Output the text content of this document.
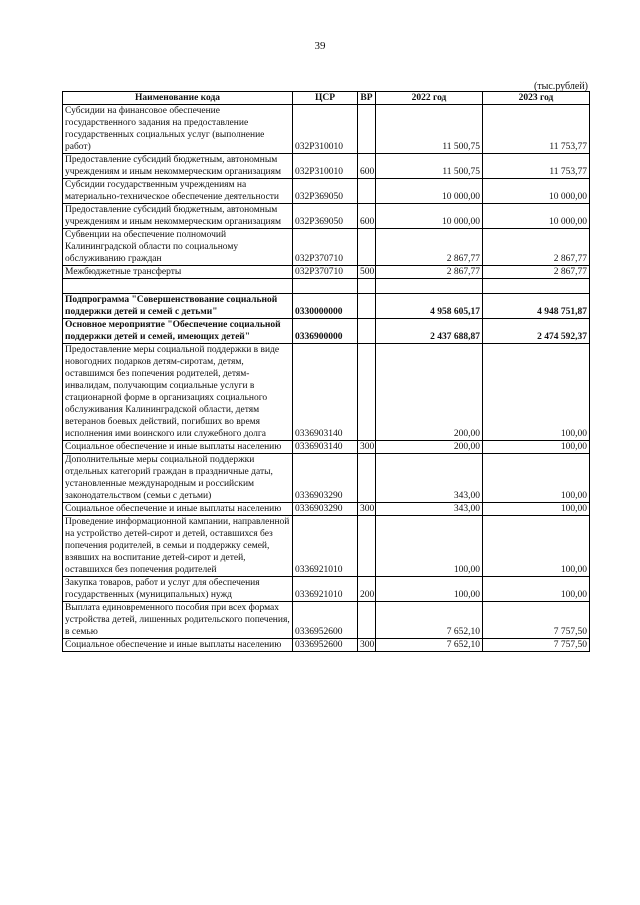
39
(тыс.рублей)
Наименование кода	ЦСР	ВР	2022 год	2023 год
Субсидии на финансовое обеспечение государственного задания на предоставление государственных социальных услуг (выполнение работ)	032Р310010		11 500,75	11 753,77
Предоставление субсидий бюджетным, автономным учреждениям и иным некоммерческим организациям	032Р310010	600	11 500,75	11 753,77
Субсидии государственным учреждениям на материально-техническое обеспечение деятельности	032Р369050		10 000,00	10 000,00
Предоставление субсидий бюджетным, автономным учреждениям и иным некоммерческим организациям	032Р369050	600	10 000,00	10 000,00
Субвенции на обеспечение полномочий Калининградской области по социальному обслуживанию граждан	032Р370710		2 867,77	2 867,77
Межбюджетные трансферты	032Р370710	500	2 867,77	2 867,77

Подпрограмма "Совершенствование социальной поддержки детей и семей с детьми"	0330000000		4 958 605,17	4 948 751,87
Основное мероприятие "Обеспечение социальной поддержки детей и семей, имеющих детей"	0336900000		2 437 688,87	2 474 592,37
Предоставление меры социальной поддержки в виде новогодних подарков детям-сиротам, детям, оставшимся без попечения родителей, детям-инвалидам, получающим социальные услуги в стационарной форме в организациях социального обслуживания Калининградской области, детям ветеранов боевых действий, погибших во время исполнения ими воинского или служебного долга	0336903140		200,00	100,00
Социальное обеспечение и иные выплаты населению	0336903140	300	200,00	100,00
Дополнительные меры социальной поддержки отдельных категорий граждан в праздничные даты, установленные международным и российским законодательством (семьи с детьми)	0336903290		343,00	100,00
Социальное обеспечение и иные выплаты населению	0336903290	300	343,00	100,00
Проведение информационной кампании, направленной на устройство детей-сирот и детей, оставшихся без попечения родителей, в семьи и поддержку семей, взявших на воспитание детей-сирот и детей, оставшихся без попечения родителей	0336921010		100,00	100,00
Закупка товаров, работ и услуг для обеспечения государственных (муниципальных) нужд	0336921010	200	100,00	100,00
Выплата единовременного пособия при всех формах устройства детей, лишенных родительского попечения, в семью	0336952600		7 652,10	7 757,50
Социальное обеспечение и иные выплаты населению	0336952600	300	7 652,10	7 757,50
